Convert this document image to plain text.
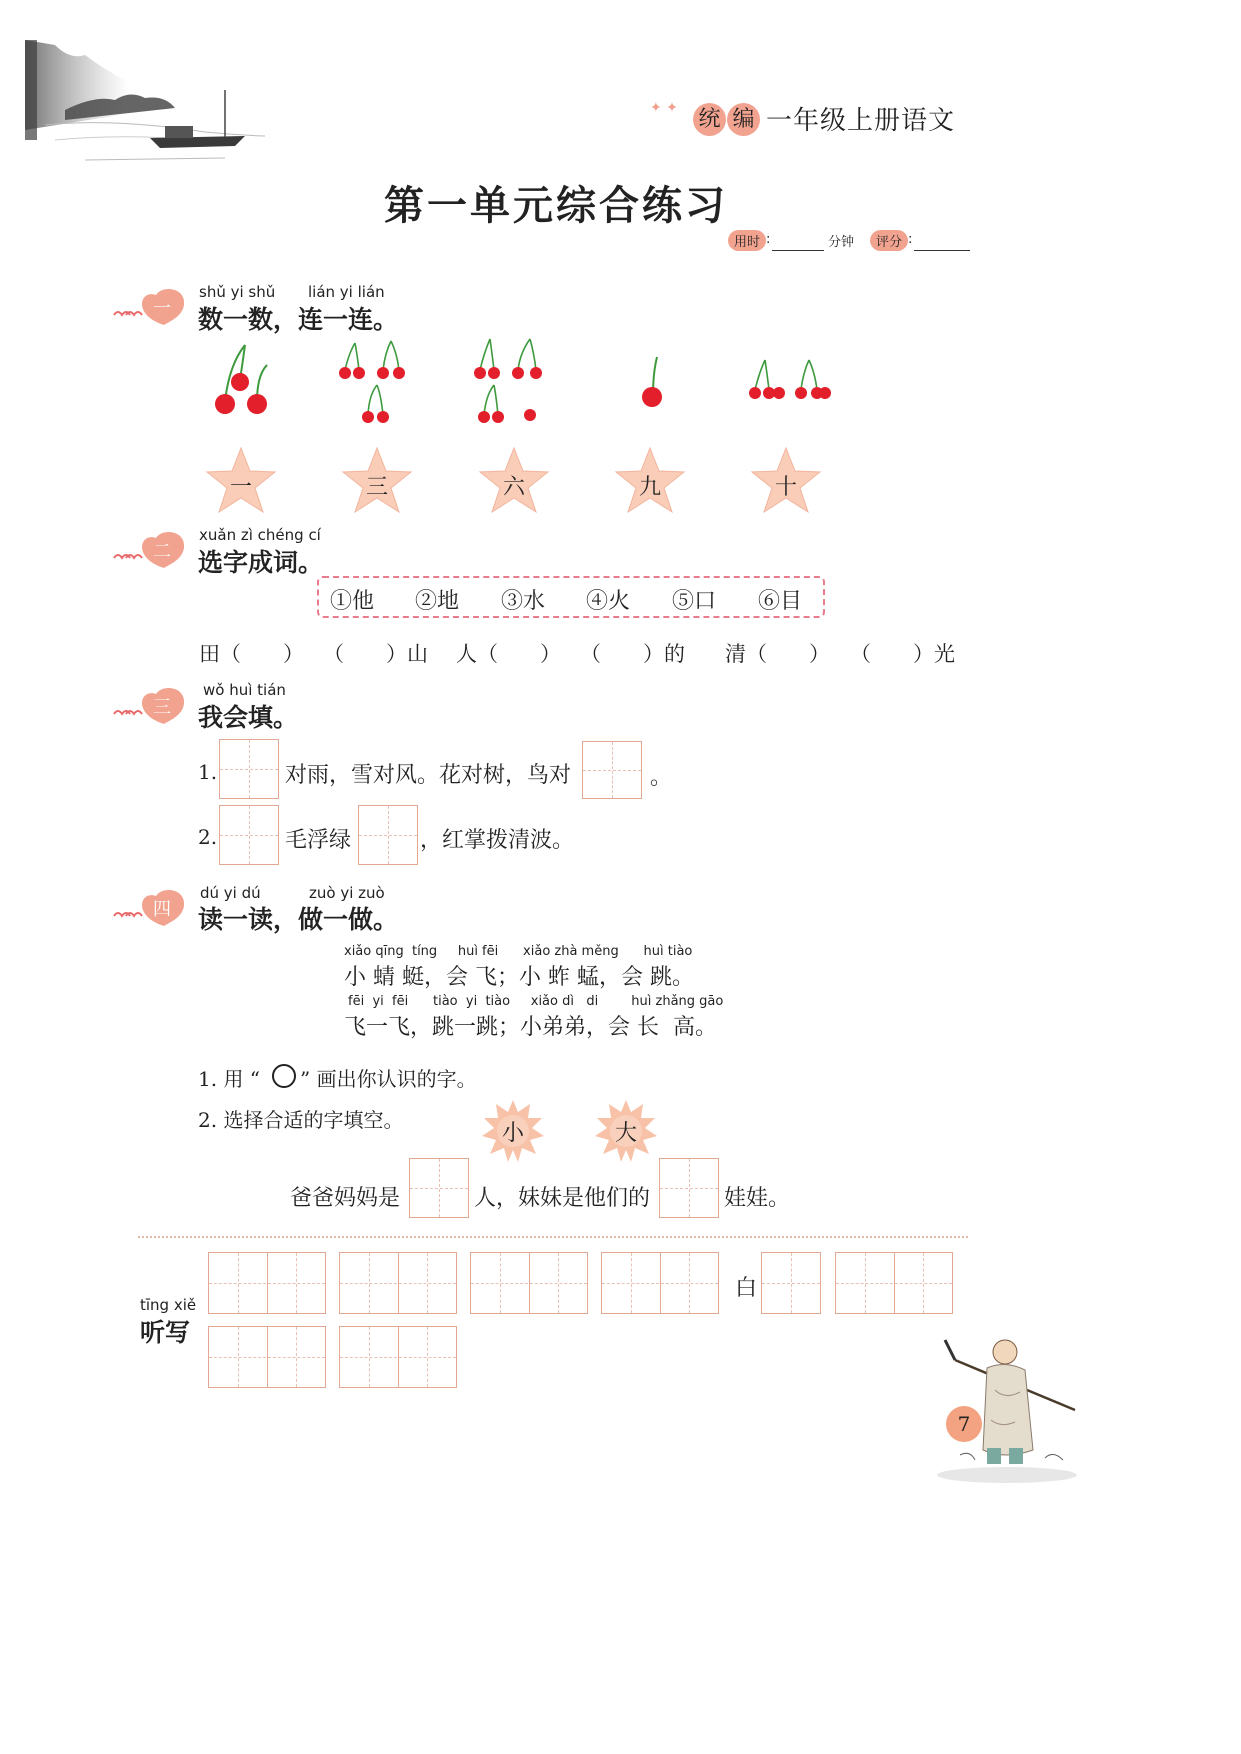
✦ ✦ 统 编 一年级上册语文
第一单元综合练习
用时 :	分钟	评分 :
一
二
三
四
shǔ yi shǔ lián yi lián
数一数，连一连。
一	三	六	九	十
xuǎn zì chéng cí
选字成词。
①他 ②地 ③水 ④火 ⑤口 ⑥目
田（　　） （　　）山 人（　　） （　　）的 清（　　） （　　）光
wǒ huì tián
我会填。
1.	对雨，雪对风。花对树，鸟对	。
2.	毛浮绿	，红掌拨清波。
dú yi dú	zuò yi zuò
读一读，做一做。
xiǎo qīng  tíng     huì fēi      xiǎo zhà měng      huì tiào
小 蜻 蜓，会 飞；小 蚱 蜢，会 跳。
fēi  yi  fēi      tiào  yi  tiào     xiǎo dì   di        huì zhǎng gāo
飞一飞，跳一跳；小弟弟，会 长  高。
1. 用 “ ” 画出你认识的字。
2. 选择合适的字填空。
小	大
爸爸妈妈是	人，妹妹是他们的	娃娃。
tīng xiě
听写
白
7
